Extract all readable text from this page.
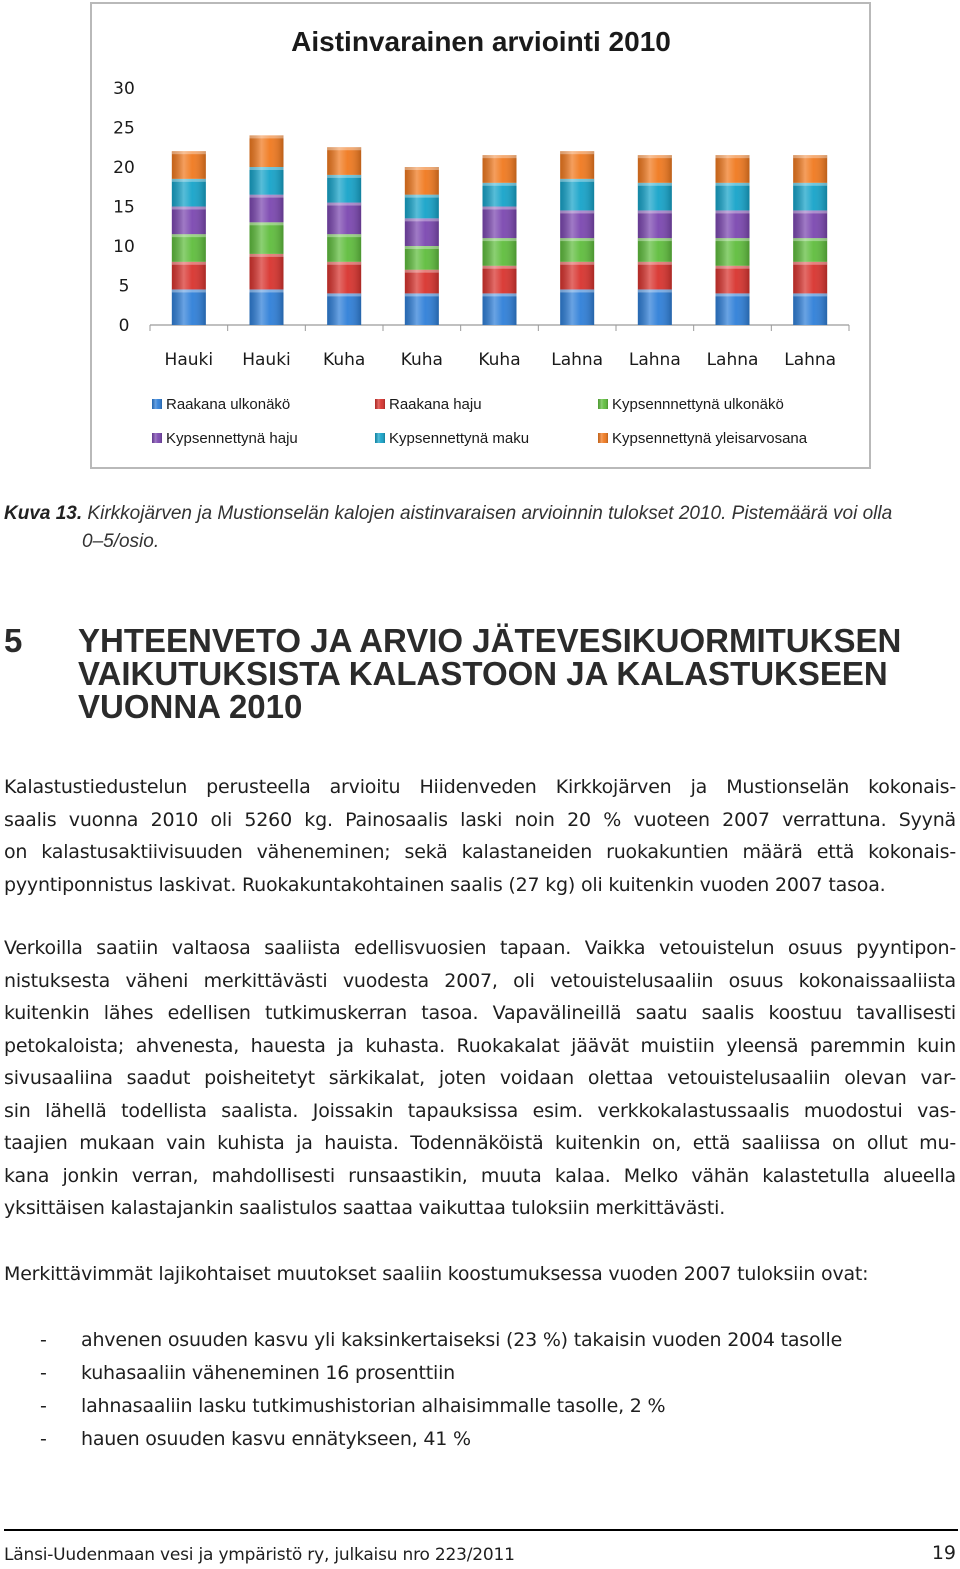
Aistinvarainen arviointi 2010
30
25
20
15
10
5
0
Hauki Hauki Kuha Kuha Kuha Lahna Lahna Lahna Lahna
Raakana ulkonäkö	Raakana haju	Kypsennnettynä ulkonäkö
Kypsennettynä haju	Kypsennettynä maku	Kypsennettynä yleisarvosana
Kuva 13. Kirkkojärven ja Mustionselän kalojen aistinvaraisen arvioinnin tulokset 2010. Pistemäärä voi olla
0–5/osio.
5 YHTEENVETO JA ARVIO JÄTEVESIKUORMITUKSEN
VAIKUTUKSISTA KALASTOON JA KALASTUKSEEN
VUONNA 2010
Kalastustiedustelun perusteella arvioitu Hiidenveden Kirkkojärven ja Mustionselän kokonais-
saalis vuonna 2010 oli 5260 kg. Painosaalis laski noin 20 % vuoteen 2007 verrattuna. Syynä
on kalastusaktiivisuuden väheneminen; sekä kalastaneiden ruokakuntien määrä että kokonais-
pyyntiponnistus laskivat. Ruokakuntakohtainen saalis (27 kg) oli kuitenkin vuoden 2007 tasoa.
Verkoilla saatiin valtaosa saaliista edellisvuosien tapaan. Vaikka vetouistelun osuus pyyntipon-
nistuksesta väheni merkittävästi vuodesta 2007, oli vetouistelusaaliin osuus kokonaissaaliista
kuitenkin lähes edellisen tutkimuskerran tasoa. Vapavälineillä saatu saalis koostuu tavallisesti
petokaloista; ahvenesta, hauesta ja kuhasta. Ruokakalat jäävät muistiin yleensä paremmin kuin
sivusaaliina saadut poisheitetyt särkikalat, joten voidaan olettaa vetouistelusaaliin olevan var-
sin lähellä todellista saalista. Joissakin tapauksissa esim. verkkokalastussaalis muodostui vas-
taajien mukaan vain kuhista ja hauista. Todennäköistä kuitenkin on, että saaliissa on ollut mu-
kana jonkin verran, mahdollisesti runsaastikin, muuta kalaa. Melko vähän kalastetulla alueella
yksittäisen kalastajankin saalistulos saattaa vaikuttaa tuloksiin merkittävästi.
Merkittävimmät lajikohtaiset muutokset saaliin koostumuksessa vuoden 2007 tuloksiin ovat:
- ahvenen osuuden kasvu yli kaksinkertaiseksi (23 %) takaisin vuoden 2004 tasolle
- kuhasaaliin väheneminen 16 prosenttiin
- lahnasaaliin lasku tutkimushistorian alhaisimmalle tasolle, 2 %
- hauen osuuden kasvu ennätykseen, 41 %
Länsi-Uudenmaan vesi ja ympäristö ry, julkaisu nro 223/2011	19
